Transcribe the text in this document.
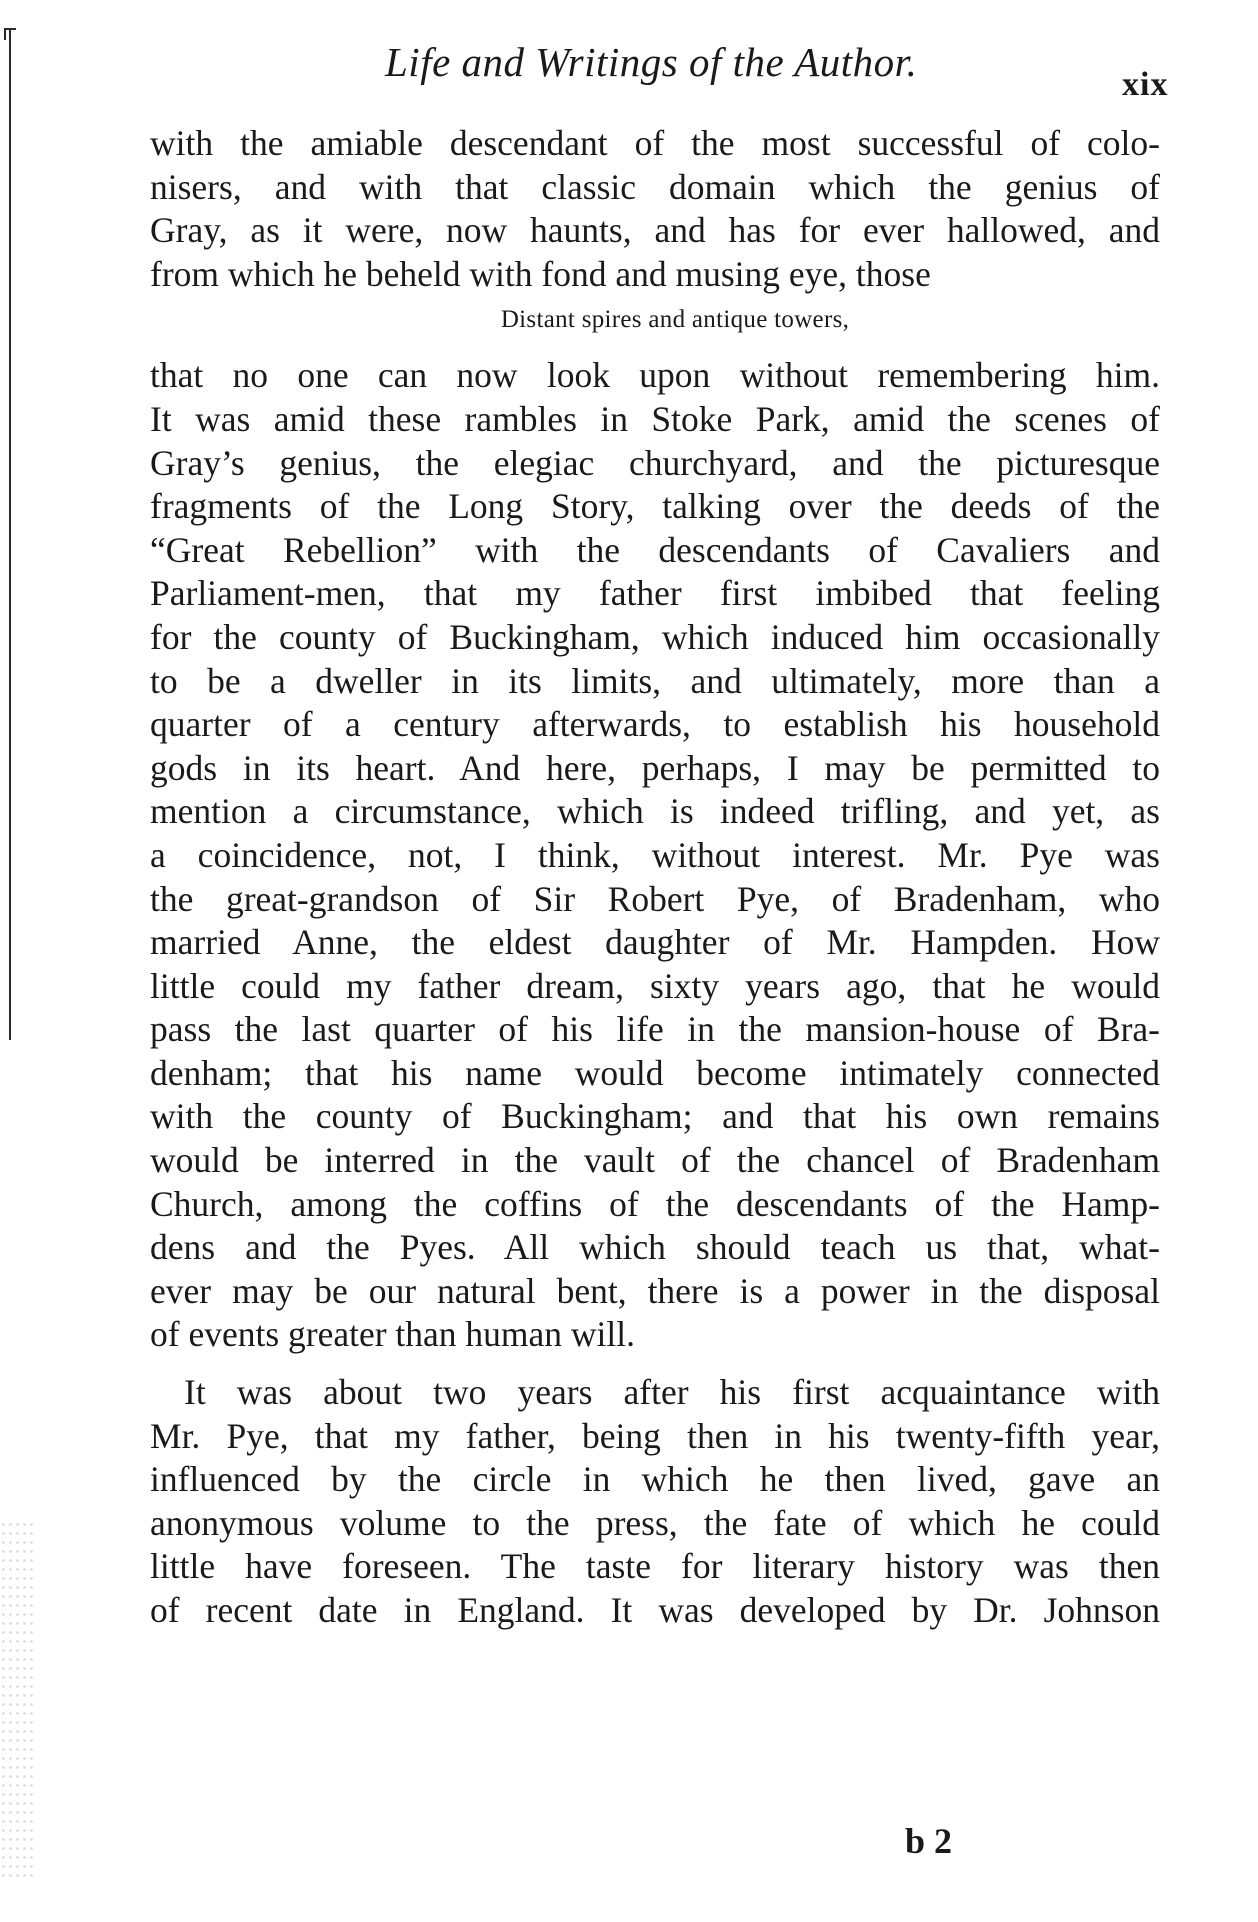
Life and Writings of the Author.	xix
with the amiable descendant of the most successful of colo-
nisers, and with that classic domain which the genius of
Gray, as it were, now haunts, and has for ever hallowed, and
from which he beheld with fond and musing eye, those
Distant spires and antique towers,
that no one can now look upon without remembering him.
It was amid these rambles in Stoke Park, amid the scenes of
Gray’s genius, the elegiac churchyard, and the picturesque
fragments of the Long Story, talking over the deeds of the
“Great Rebellion” with the descendants of Cavaliers and
Parliament-men, that my father first imbibed that feeling
for the county of Buckingham, which induced him occasionally
to be a dweller in its limits, and ultimately, more than a
quarter of a century afterwards, to establish his household
gods in its heart. And here, perhaps, I may be permitted to
mention a circumstance, which is indeed trifling, and yet, as
a coincidence, not, I think, without interest. Mr. Pye was
the great-grandson of Sir Robert Pye, of Bradenham, who
married Anne, the eldest daughter of Mr. Hampden. How
little could my father dream, sixty years ago, that he would
pass the last quarter of his life in the mansion-house of Bra-
denham; that his name would become intimately connected
with the county of Buckingham; and that his own remains
would be interred in the vault of the chancel of Bradenham
Church, among the coffins of the descendants of the Hamp-
dens and the Pyes. All which should teach us that, what-
ever may be our natural bent, there is a power in the disposal
of events greater than human will.
It was about two years after his first acquaintance with
Mr. Pye, that my father, being then in his twenty-fifth year,
influenced by the circle in which he then lived, gave an
anonymous volume to the press, the fate of which he could
little have foreseen. The taste for literary history was then
of recent date in England. It was developed by Dr. Johnson
b 2
